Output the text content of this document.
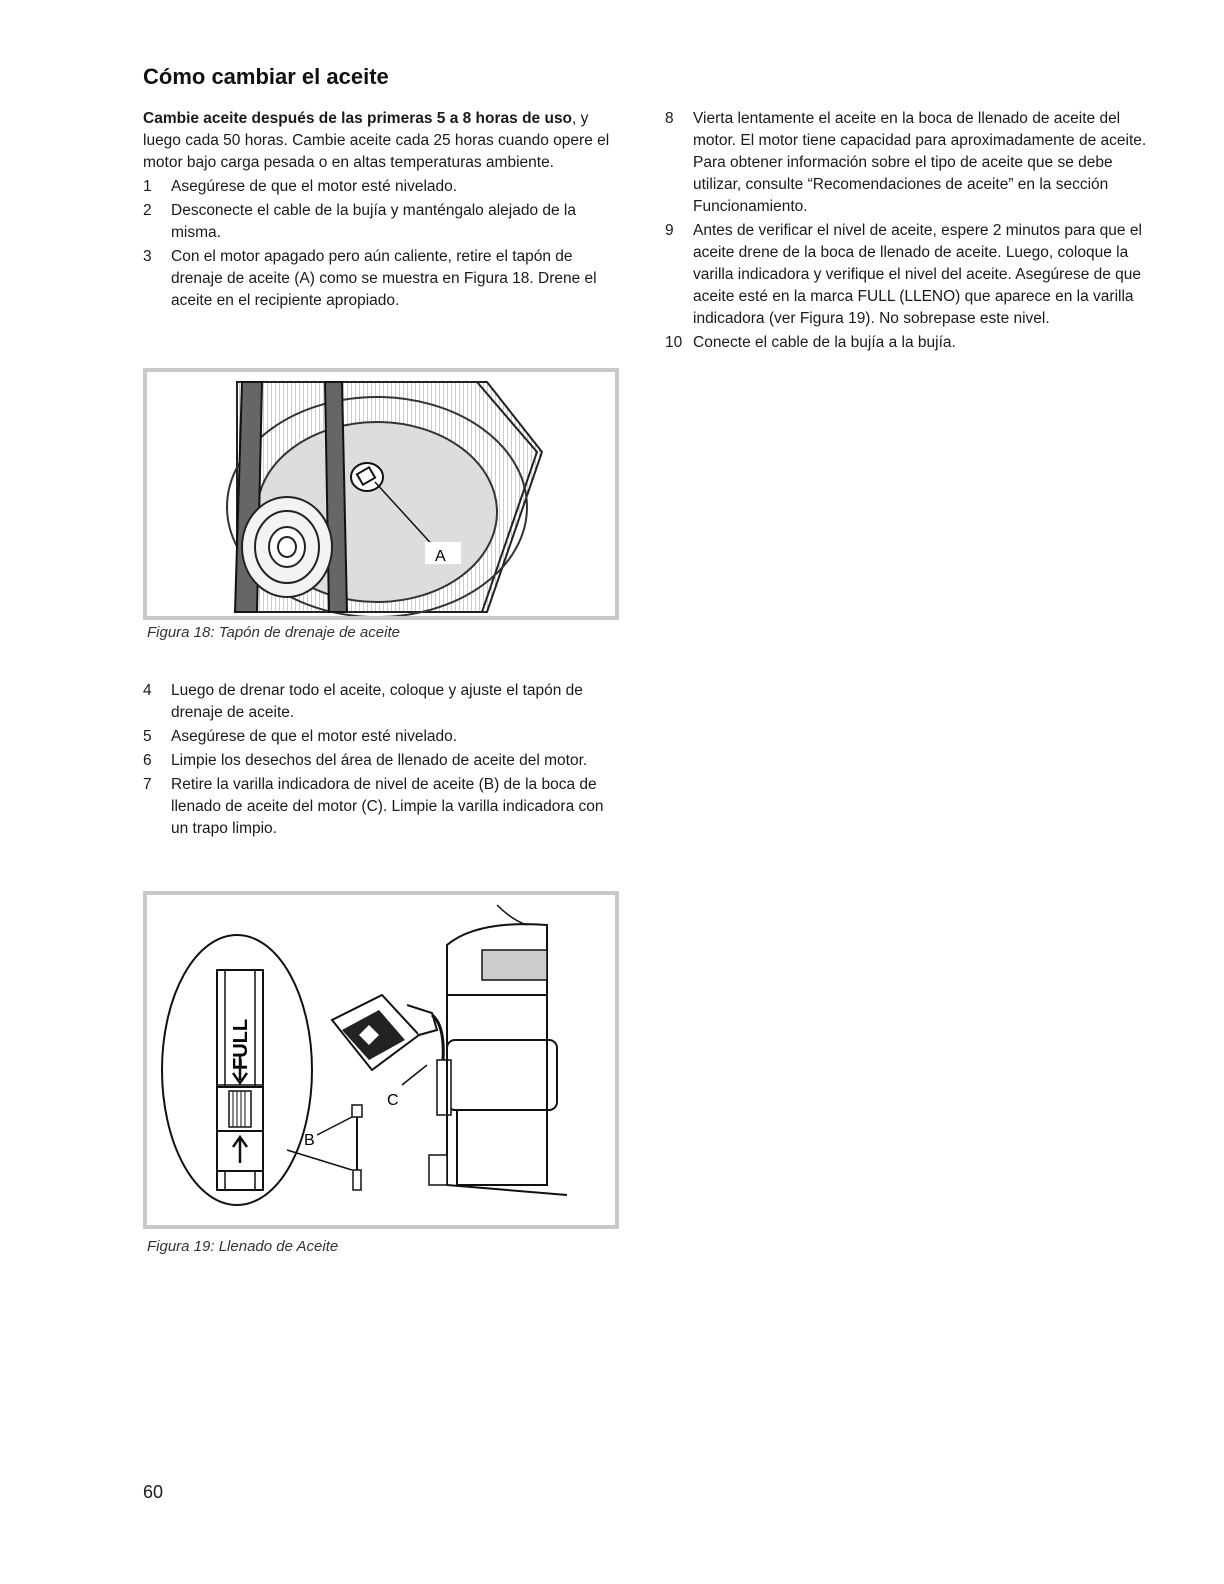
Cómo cambiar el aceite

Cambie aceite después de las primeras 5 a 8 horas de uso, y luego cada 50 horas. Cambie aceite cada 25 horas cuando opere el motor bajo carga pesada o en altas temperaturas ambiente.

1	Asegúrese de que el motor esté nivelado.
2	Desconecte el cable de la bujía y manténgalo alejado de la misma.
3	Con el motor apagado pero aún caliente, retire el tapón de drenaje de aceite (A) como se muestra en Figura 18. Drene el aceite en el recipiente apropiado.
A
Figura 18: Tapón de drenaje de aceite
4	Luego de drenar todo el aceite, coloque y ajuste el tapón de drenaje de aceite.
5	Asegúrese de que el motor esté nivelado.
6	Limpie los desechos del área de llenado de aceite del motor.
7	Retire la varilla indicadora de nivel de aceite (B) de la boca de llenado de aceite del motor (C). Limpie la varilla indicadora con un trapo limpio.
FULL
B
C
Figura 19: Llenado de Aceite
8	Vierta lentamente el aceite en la boca de llenado de aceite del motor. El motor tiene capacidad para aproximadamente de aceite. Para obtener información sobre el tipo de aceite que se debe utilizar, consulte “Recomendaciones de aceite” en la sección Funcionamiento.
9	Antes de verificar el nivel de aceite, espere 2 minutos para que el aceite drene de la boca de llenado de aceite. Luego, coloque la varilla indicadora y verifique el nivel del aceite. Asegúrese de que aceite esté en la marca FULL (LLENO) que aparece en la varilla indicadora (ver Figura 19). No sobrepase este nivel.
10 Conecte el cable de la bujía a la bujía.
60
